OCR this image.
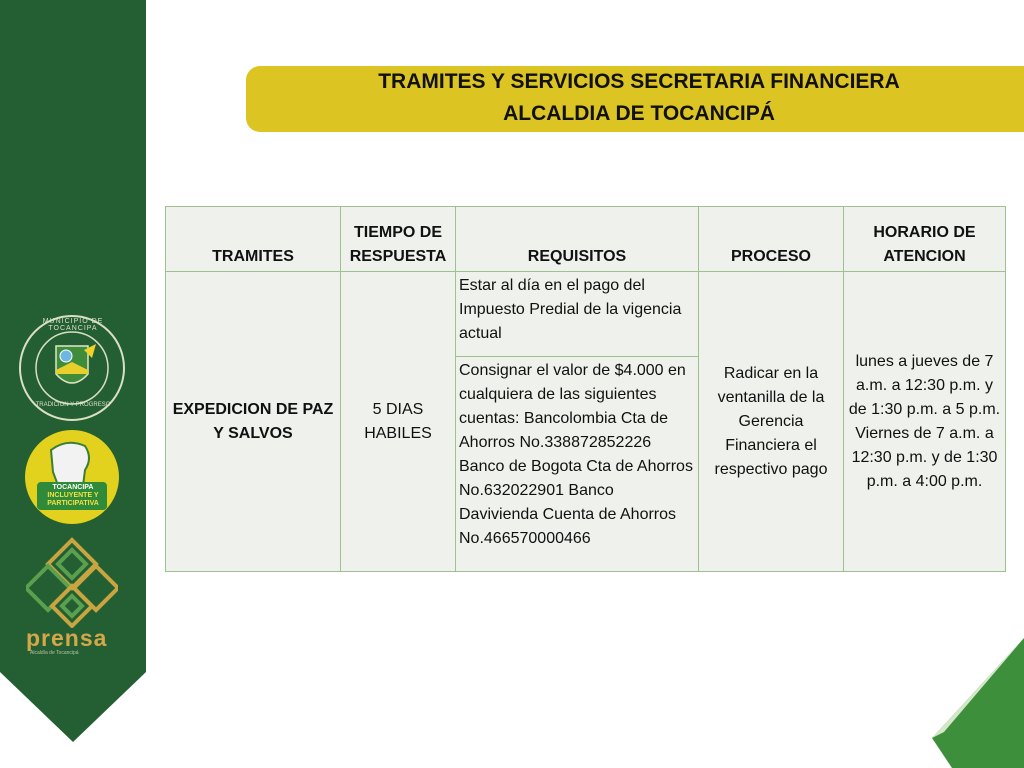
MUNICIPIO DE TOCANCIPA
TRADICION Y PROGRESO
TOCANCIPA
INCLUYENTE Y
PARTICIPATIVA
prensa
Alcaldía de Tocancipá
TRAMITES Y SERVICIOS SECRETARIA FINANCIERA
ALCALDIA DE TOCANCIPÁ
TRAMITES	TIEMPO DE RESPUESTA	REQUISITOS	PROCESO	HORARIO DE ATENCION
EXPEDICION DE PAZ Y SALVOS	5 DIAS HABILES	Estar al día en el pago del Impuesto Predial de la vigencia actual	Radicar en la ventanilla de la Gerencia Financiera el respectivo pago	lunes a jueves de 7 a.m. a 12:30 p.m. y de 1:30 p.m. a 5 p.m. Viernes de 7 a.m. a 12:30 p.m. y de 1:30 p.m. a 4:00 p.m.
		Consignar el valor de $4.000 en cualquiera de las siguientes cuentas: Bancolombia Cta de Ahorros No.338872852226 Banco de Bogota Cta de Ahorros No.632022901 Banco Davivienda Cuenta de Ahorros No.466570000466		
